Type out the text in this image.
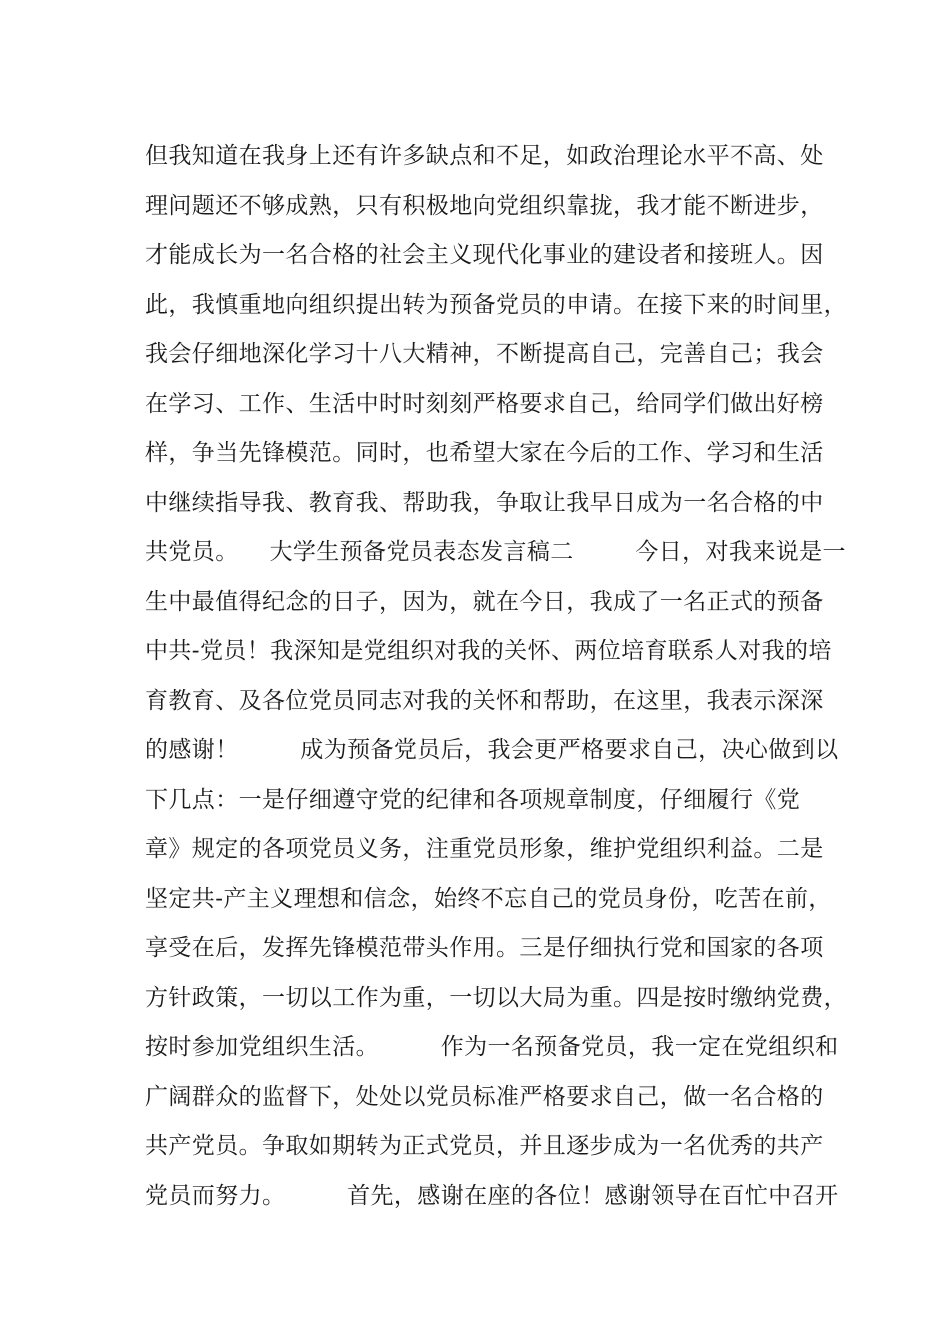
但我知道在我身上还有许多缺点和不足，如政治理论水平不高、处
理问题还不够成熟，只有积极地向党组织靠拢，我才能不断进步，
才能成长为一名合格的社会主义现代化事业的建设者和接班人。因
此，我慎重地向组织提出转为预备党员的申请。在接下来的时间里，
我会仔细地深化学习十八大精神，不断提高自己，完善自己；我会
在学习、工作、生活中时时刻刻严格要求自己，给同学们做出好榜
样，争当先锋模范。同时，也希望大家在今后的工作、学习和生活
中继续指导我、教育我、帮助我，争取让我早日成为一名合格的中
共党员。    大学生预备党员表态发言稿二        今日，对我来说是一
生中最值得纪念的日子，因为，就在今日，我成了一名正式的预备
中共-党员！我深知是党组织对我的关怀、两位培育联系人对我的培
育教育、及各位党员同志对我的关怀和帮助，在这里，我表示深深
的感谢！        成为预备党员后，我会更严格要求自己，决心做到以
下几点：一是仔细遵守党的纪律和各项规章制度，仔细履行《党
章》规定的各项党员义务，注重党员形象，维护党组织利益。二是
坚定共-产主义理想和信念，始终不忘自己的党员身份，吃苦在前，
享受在后，发挥先锋模范带头作用。三是仔细执行党和国家的各项
方针政策，一切以工作为重，一切以大局为重。四是按时缴纳党费，
按时参加党组织生活。        作为一名预备党员，我一定在党组织和
广阔群众的监督下，处处以党员标准严格要求自己，做一名合格的
共产党员。争取如期转为正式党员，并且逐步成为一名优秀的共产
党员而努力。        首先，感谢在座的各位！感谢领导在百忙中召开
